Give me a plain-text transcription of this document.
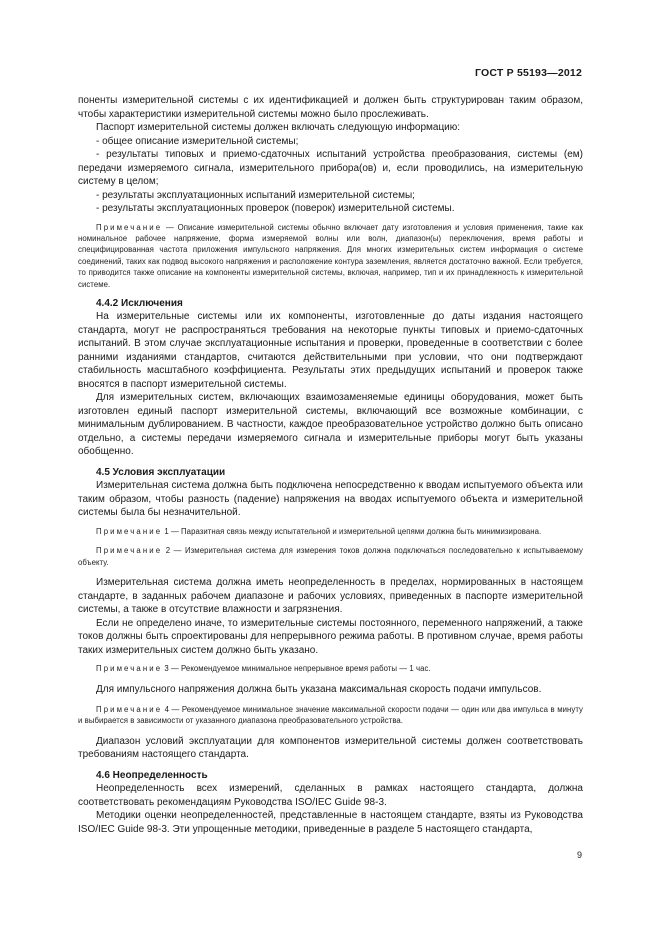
ГОСТ Р 55193—2012

поненты измерительной системы с их идентификацией и должен быть структурирован таким образом, чтобы характеристики измерительной системы можно было прослеживать.

Паспорт измерительной системы должен включать следующую информацию:

- общее описание измерительной системы;

- результаты типовых и приемо-сдаточных испытаний устройства преобразования, системы (ем) передачи измеряемого сигнала, измерительного прибора(ов) и, если проводились, на измерительную систему в целом;

- результаты эксплуатационных испытаний измерительной системы;

- результаты эксплуатационных проверок (поверок) измерительной системы.

Примечание — Описание измерительной системы обычно включает дату изготовления и условия применения, такие как номинальное рабочее напряжение, форма измеряемой волны или волн, диапазон(ы) переключения, время работы и специфицированная частота приложения импульсного напряжения. Для многих измерительных систем информация о системе соединений, таких как подвод высокого напряжения и расположение контура заземления, является достаточно важной. Если требуется, то приводится также описание на компоненты измерительной системы, включая, например, тип и их принадлежность к измерительной системе.

4.4.2 Исключения

На измерительные системы или их компоненты, изготовленные до даты издания настоящего стандарта, могут не распространяться требования на некоторые пункты типовых и приемо-сдаточных испытаний. В этом случае эксплуатационные испытания и проверки, проведенные в соответствии с более ранними изданиями стандартов, считаются действительными при условии, что они подтверждают стабильность масштабного коэффициента. Результаты этих предыдущих испытаний и проверок также вносятся в паспорт измерительной системы.

Для измерительных систем, включающих взаимозаменяемые единицы оборудования, может быть изготовлен единый паспорт измерительной системы, включающий все возможные комбинации, с минимальным дублированием. В частности, каждое преобразовательное устройство должно быть описано отдельно, а системы передачи измеряемого сигнала и измерительные приборы могут быть указаны обобщенно.

4.5 Условия эксплуатации

Измерительная система должна быть подключена непосредственно к вводам испытуемого объекта или таким образом, чтобы разность (падение) напряжения на вводах испытуемого объекта и измерительной системы была бы незначительной.

Примечание 1 — Паразитная связь между испытательной и измерительной цепями должна быть минимизирована.

Примечание 2 — Измерительная система для измерения токов должна подключаться последовательно к испытываемому объекту.

Измерительная система должна иметь неопределенность в пределах, нормированных в настоящем стандарте, в заданных рабочем диапазоне и рабочих условиях, приведенных в паспорте измерительной системы, а также в отсутствие влажности и загрязнения.

Если не определено иначе, то измерительные системы постоянного, переменного напряжений, а также токов должны быть спроектированы для непрерывного режима работы. В противном случае, время работы таких измерительных систем должно быть указано.

Примечание 3 — Рекомендуемое минимальное непрерывное время работы — 1 час.

Для импульсного напряжения должна быть указана максимальная скорость подачи импульсов.

Примечание 4 — Рекомендуемое минимальное значение максимальной скорости подачи — один или два импульса в минуту и выбирается в зависимости от указанного диапазона преобразовательного устройства.

Диапазон условий эксплуатации для компонентов измерительной системы должен соответствовать требованиям настоящего стандарта.

4.6 Неопределенность

Неопределенность всех измерений, сделанных в рамках настоящего стандарта, должна соответствовать рекомендациям Руководства ISO/IEC Guide 98-3.

Методики оценки неопределенностей, представленные в настоящем стандарте, взяты из Руководства ISO/IEC Guide 98-3. Эти упрощенные методики, приведенные в разделе 5 настоящего стандарта,

9
